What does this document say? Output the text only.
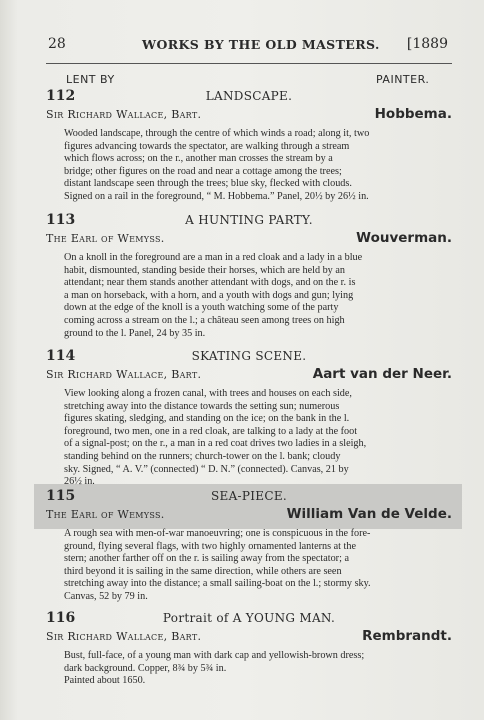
28	WORKS BY THE OLD MASTERS. [1889
LENT BY	PAINTER.
112	LANDSCAPE.
Sir Richard Wallace, Bart.	Hobbema.
Wooded landscape, through the centre of which winds a road; along it, two
figures advancing towards the spectator, are walking through a stream
which flows across; on the r., another man crosses the stream by a
bridge; other figures on the road and near a cottage among the trees;
distant landscape seen through the trees; blue sky, flecked with clouds.
Signed on a rail in the foreground, “ M. Hobbema.” Panel, 20½ by 26½ in.
113	A HUNTING PARTY.
The Earl of Wemyss.	Wouverman.
On a knoll in the foreground are a man in a red cloak and a lady in a blue
habit, dismounted, standing beside their horses, which are held by an
attendant; near them stands another attendant with dogs, and on the r. is
a man on horseback, with a horn, and a youth with dogs and gun; lying
down at the edge of the knoll is a youth watching some of the party
coming across a stream on the l.; a château seen among trees on high
ground to the l. Panel, 24 by 35 in.
114	SKATING SCENE.
Sir Richard Wallace, Bart.	Aart van der Neer.
View looking along a frozen canal, with trees and houses on each side,
stretching away into the distance towards the setting sun; numerous
figures skating, sledging, and standing on the ice; on the bank in the l.
foreground, two men, one in a red cloak, are talking to a lady at the foot
of a signal-post; on the r., a man in a red coat drives two ladies in a sleigh,
standing behind on the runners; church-tower on the l. bank; cloudy
sky. Signed, “ A. V.” (connected) “ D. N.” (connected). Canvas, 21 by
26½ in.
115	SEA-PIECE.
The Earl of Wemyss.	William Van de Velde.
A rough sea with men-of-war manoeuvring; one is conspicuous in the fore-
ground, flying several flags, with two highly ornamented lanterns at the
stern; another farther off on the r. is sailing away from the spectator; a
third beyond it is sailing in the same direction, while others are seen
stretching away into the distance; a small sailing-boat on the l.; stormy sky.
Canvas, 52 by 79 in.
116	Portrait of A YOUNG MAN.
Sir Richard Wallace, Bart.	Rembrandt.
Bust, full-face, of a young man with dark cap and yellowish-brown dress;
dark background. Copper, 8¾ by 5¾ in.
Painted about 1650.
